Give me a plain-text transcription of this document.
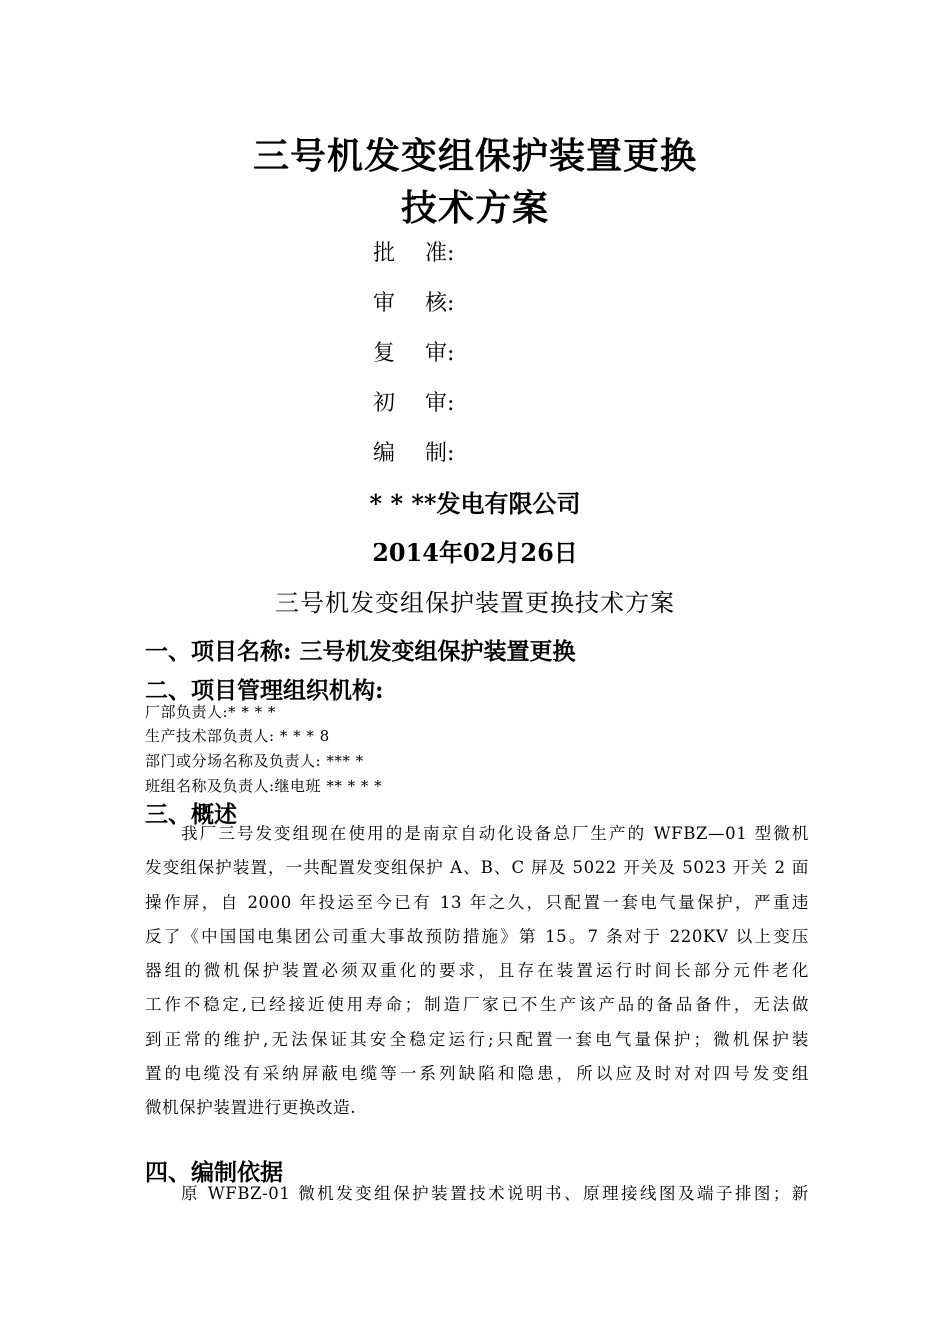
三号机发变组保护装置更换
技术方案
批 准:
审 核:
复 审:
初 审:
编 制:
* * **发电有限公司
2014年02月26日
三号机发变组保护装置更换技术方案
一、项目名称: 三号机发变组保护装置更换
二、项目管理组织机构:
厂部负责人:* * * *
生产技术部负责人: * * * 8
部门或分场名称及负责人: *** *
班组名称及负责人:继电班 ** * * *
三、概述
我厂三号发变组现在使用的是南京自动化设备总厂生产的 WFBZ—01 型微机
发变组保护装置，一共配置发变组保护 A、B、C 屏及 5022 开关及 5023 开关 2 面
操作屏，自 2000 年投运至今已有 13 年之久，只配置一套电气量保护，严重违
反了《中国国电集团公司重大事故预防措施》第 15。7 条对于 220KV 以上变压
器组的微机保护装置必须双重化的要求，且存在装置运行时间长部分元件老化
工作不稳定,已经接近使用寿命；制造厂家已不生产该产品的备品备件，无法做
到正常的维护,无法保证其安全稳定运行;只配置一套电气量保护；微机保护装
置的电缆没有采纳屏蔽电缆等一系列缺陷和隐患，所以应及时对对四号发变组
微机保护装置进行更换改造.
四、编制依据
原 WFBZ-01 微机发变组保护装置技术说明书、原理接线图及端子排图；新
